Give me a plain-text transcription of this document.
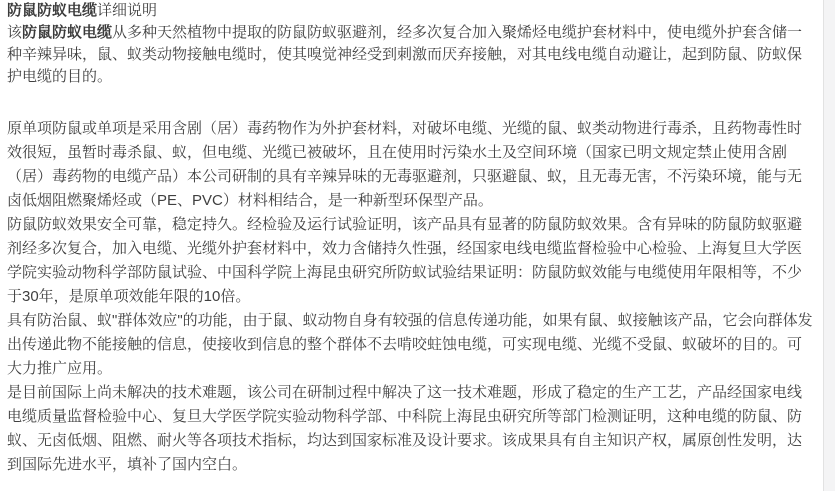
防鼠防蚁电缆详细说明

该防鼠防蚁电缆从多种天然植物中提取的防鼠防蚁驱避剂，经多次复合加入聚烯烃电缆护套材料中，使电缆外护套含储一种辛辣异味，鼠、蚁类动物接触电缆时，使其嗅觉神经受到刺激而厌弃接触，对其电线电缆自动避让，起到防鼠、防蚁保护电缆的目的。

原单项防鼠或单项是采用含剧（居）毒药物作为外护套材料，对破坏电缆、光缆的鼠、蚁类动物进行毒杀，且药物毒性时效很短，虽暂时毒杀鼠、蚁，但电缆、光缆已被破坏，且在使用时污染水土及空间环境（国家已明文规定禁止使用含剧（居）毒药物的电缆产品）本公司研制的具有辛辣异味的无毒驱避剂，只驱避鼠、蚁，且无毒无害，不污染环境，能与无卤低烟阻燃聚烯烃或（PE、PVC）材料相结合，是一种新型环保型产品。

防鼠防蚁效果安全可靠，稳定持久。经检验及运行试验证明，该产品具有显著的防鼠防蚁效果。含有异味的防鼠防蚁驱避剂经多次复合，加入电缆、光缆外护套材料中，效力含储持久性强，经国家电线电缆监督检验中心检验、上海复旦大学医学院实验动物科学部防鼠试验、中国科学院上海昆虫研究所防蚁试验结果证明：防鼠防蚁效能与电缆使用年限相等，不少于30年，是原单项效能年限的10倍。

具有防治鼠、蚁"群体效应"的功能，由于鼠、蚁动物自身有较强的信息传递功能，如果有鼠、蚁接触该产品，它会向群体发出传递此物不能接触的信息，使接收到信息的整个群体不去啃咬蛀蚀电缆，可实现电缆、光缆不受鼠、蚁破坏的目的。可大力推广应用。

是目前国际上尚未解决的技术难题，该公司在研制过程中解决了这一技术难题，形成了稳定的生产工艺，产品经国家电线电缆质量监督检验中心、复旦大学医学院实验动物科学部、中科院上海昆虫研究所等部门检测证明，这种电缆的防鼠、防蚁、无卤低烟、阻燃、耐火等各项技术指标，均达到国家标准及设计要求。该成果具有自主知识产权，属原创性发明，达到国际先进水平，填补了国内空白。
